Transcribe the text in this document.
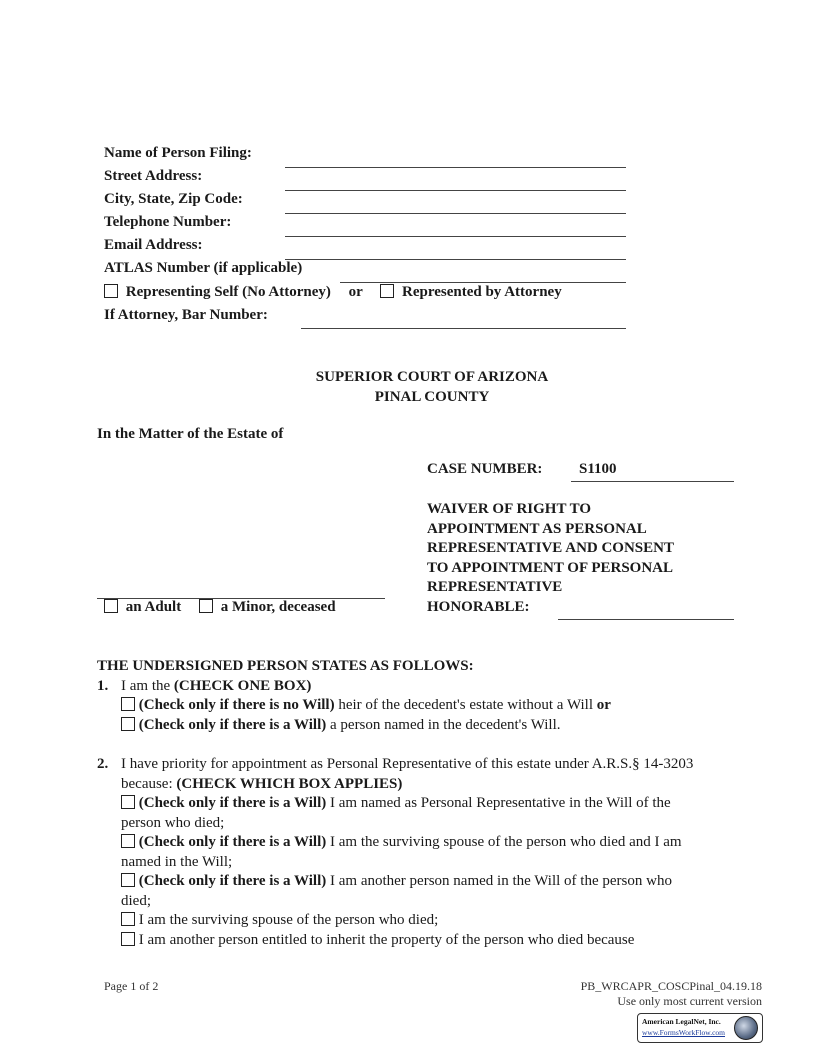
Name of Person Filing:
Street Address:
City, State, Zip Code:
Telephone Number:
Email Address:
ATLAS Number (if applicable)
Representing Self (No Attorney) or	Represented by Attorney
If Attorney, Bar Number:
SUPERIOR COURT OF ARIZONA
PINAL COUNTY
In the Matter of the Estate of
CASE NUMBER: S1100
WAIVER OF RIGHT TO
APPOINTMENT AS PERSONAL
REPRESENTATIVE AND CONSENT
TO APPOINTMENT OF PERSONAL
REPRESENTATIVE
HONORABLE:
an Adult	a Minor, deceased
THE UNDERSIGNED PERSON STATES AS FOLLOWS:
1. I am the (CHECK ONE BOX)
(Check only if there is no Will) heir of the decedent's estate without a Will or
(Check only if there is a Will) a person named in the decedent's Will.
2. I have priority for appointment as Personal Representative of this estate under A.R.S.§ 14-3203
because: (CHECK WHICH BOX APPLIES)
(Check only if there is a Will) I am named as Personal Representative in the Will of the
person who died;
(Check only if there is a Will) I am the surviving spouse of the person who died and I am
named in the Will;
(Check only if there is a Will) I am another person named in the Will of the person who
died;
I am the surviving spouse of the person who died;
I am another person entitled to inherit the property of the person who died because
Page 1 of 2	PB_WRCAPR_COSCPinal_04.19.18
Use only most current version
American LegalNet, Inc.
www.FormsWorkFlow.com
